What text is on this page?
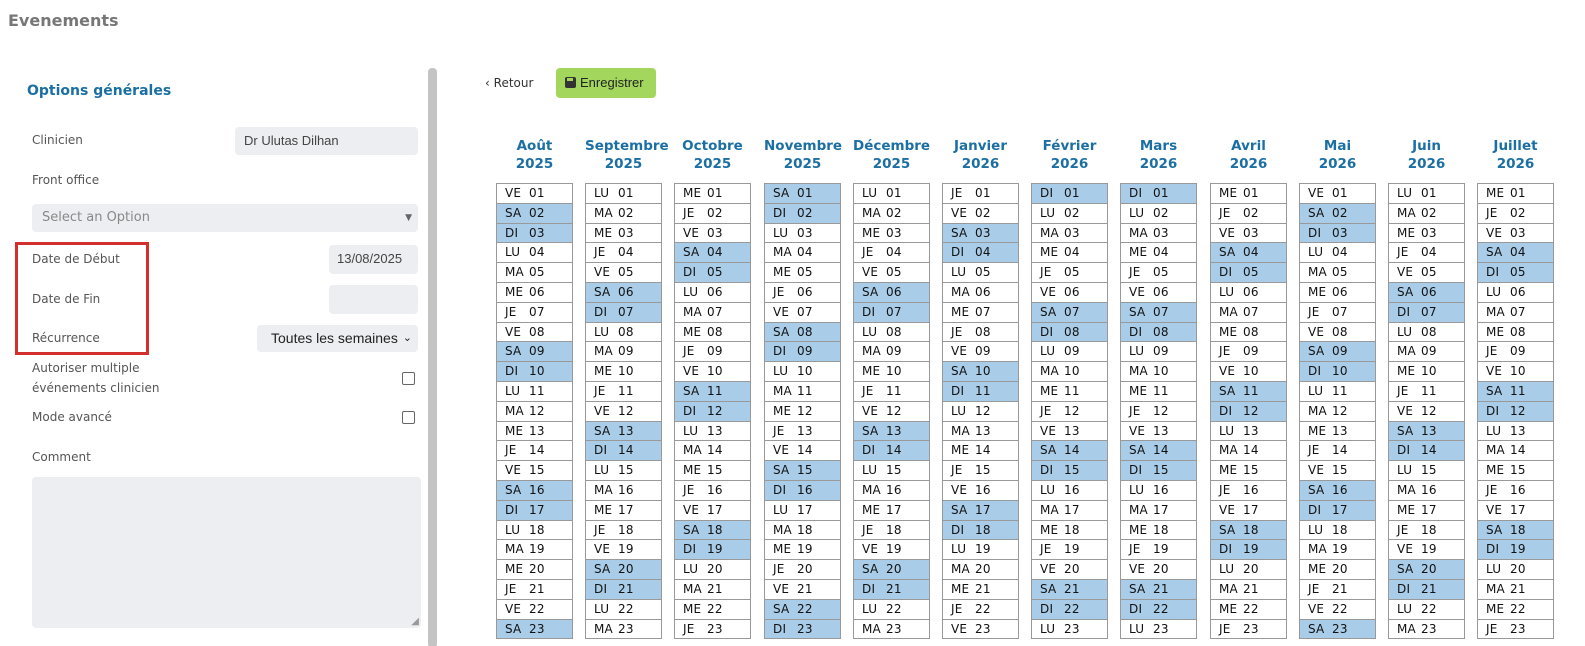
Evenements
Options générales
Clinicien	Dr Ulutas Dilhan
Front office
Select an Option	▼
Date de Début	13/08/2025
Date de Fin
Récurrence	Toutes les semaines ⌄
Autoriser multiple
événements clinicien
Mode avancé
Comment
◢
‹ Retour	Enregistrer
Août
2025
VE 01
SA 02
DI 03
LU 04
MA 05
ME 06
JE 07
VE 08
SA 09
DI 10
LU 11
MA 12
ME 13
JE 14
VE 15
SA 16
DI 17
LU 18
MA 19
ME 20
JE 21
VE 22
SA 23
Septembre
2025
LU 01
MA 02
ME 03
JE 04
VE 05
SA 06
DI 07
LU 08
MA 09
ME 10
JE 11
VE 12
SA 13
DI 14
LU 15
MA 16
ME 17
JE 18
VE 19
SA 20
DI 21
LU 22
MA 23
Octobre
2025
ME 01
JE 02
VE 03
SA 04
DI 05
LU 06
MA 07
ME 08
JE 09
VE 10
SA 11
DI 12
LU 13
MA 14
ME 15
JE 16
VE 17
SA 18
DI 19
LU 20
MA 21
ME 22
JE 23
Novembre
2025
SA 01
DI 02
LU 03
MA 04
ME 05
JE 06
VE 07
SA 08
DI 09
LU 10
MA 11
ME 12
JE 13
VE 14
SA 15
DI 16
LU 17
MA 18
ME 19
JE 20
VE 21
SA 22
DI 23
Décembre
2025
LU 01
MA 02
ME 03
JE 04
VE 05
SA 06
DI 07
LU 08
MA 09
ME 10
JE 11
VE 12
SA 13
DI 14
LU 15
MA 16
ME 17
JE 18
VE 19
SA 20
DI 21
LU 22
MA 23
Janvier
2026
JE 01
VE 02
SA 03
DI 04
LU 05
MA 06
ME 07
JE 08
VE 09
SA 10
DI 11
LU 12
MA 13
ME 14
JE 15
VE 16
SA 17
DI 18
LU 19
MA 20
ME 21
JE 22
VE 23
Février
2026
DI 01
LU 02
MA 03
ME 04
JE 05
VE 06
SA 07
DI 08
LU 09
MA 10
ME 11
JE 12
VE 13
SA 14
DI 15
LU 16
MA 17
ME 18
JE 19
VE 20
SA 21
DI 22
LU 23
Mars
2026
DI 01
LU 02
MA 03
ME 04
JE 05
VE 06
SA 07
DI 08
LU 09
MA 10
ME 11
JE 12
VE 13
SA 14
DI 15
LU 16
MA 17
ME 18
JE 19
VE 20
SA 21
DI 22
LU 23
Avril
2026
ME 01
JE 02
VE 03
SA 04
DI 05
LU 06
MA 07
ME 08
JE 09
VE 10
SA 11
DI 12
LU 13
MA 14
ME 15
JE 16
VE 17
SA 18
DI 19
LU 20
MA 21
ME 22
JE 23
Mai
2026
VE 01
SA 02
DI 03
LU 04
MA 05
ME 06
JE 07
VE 08
SA 09
DI 10
LU 11
MA 12
ME 13
JE 14
VE 15
SA 16
DI 17
LU 18
MA 19
ME 20
JE 21
VE 22
SA 23
Juin
2026
LU 01
MA 02
ME 03
JE 04
VE 05
SA 06
DI 07
LU 08
MA 09
ME 10
JE 11
VE 12
SA 13
DI 14
LU 15
MA 16
ME 17
JE 18
VE 19
SA 20
DI 21
LU 22
MA 23
Juillet
2026
ME 01
JE 02
VE 03
SA 04
DI 05
LU 06
MA 07
ME 08
JE 09
VE 10
SA 11
DI 12
LU 13
MA 14
ME 15
JE 16
VE 17
SA 18
DI 19
LU 20
MA 21
ME 22
JE 23
